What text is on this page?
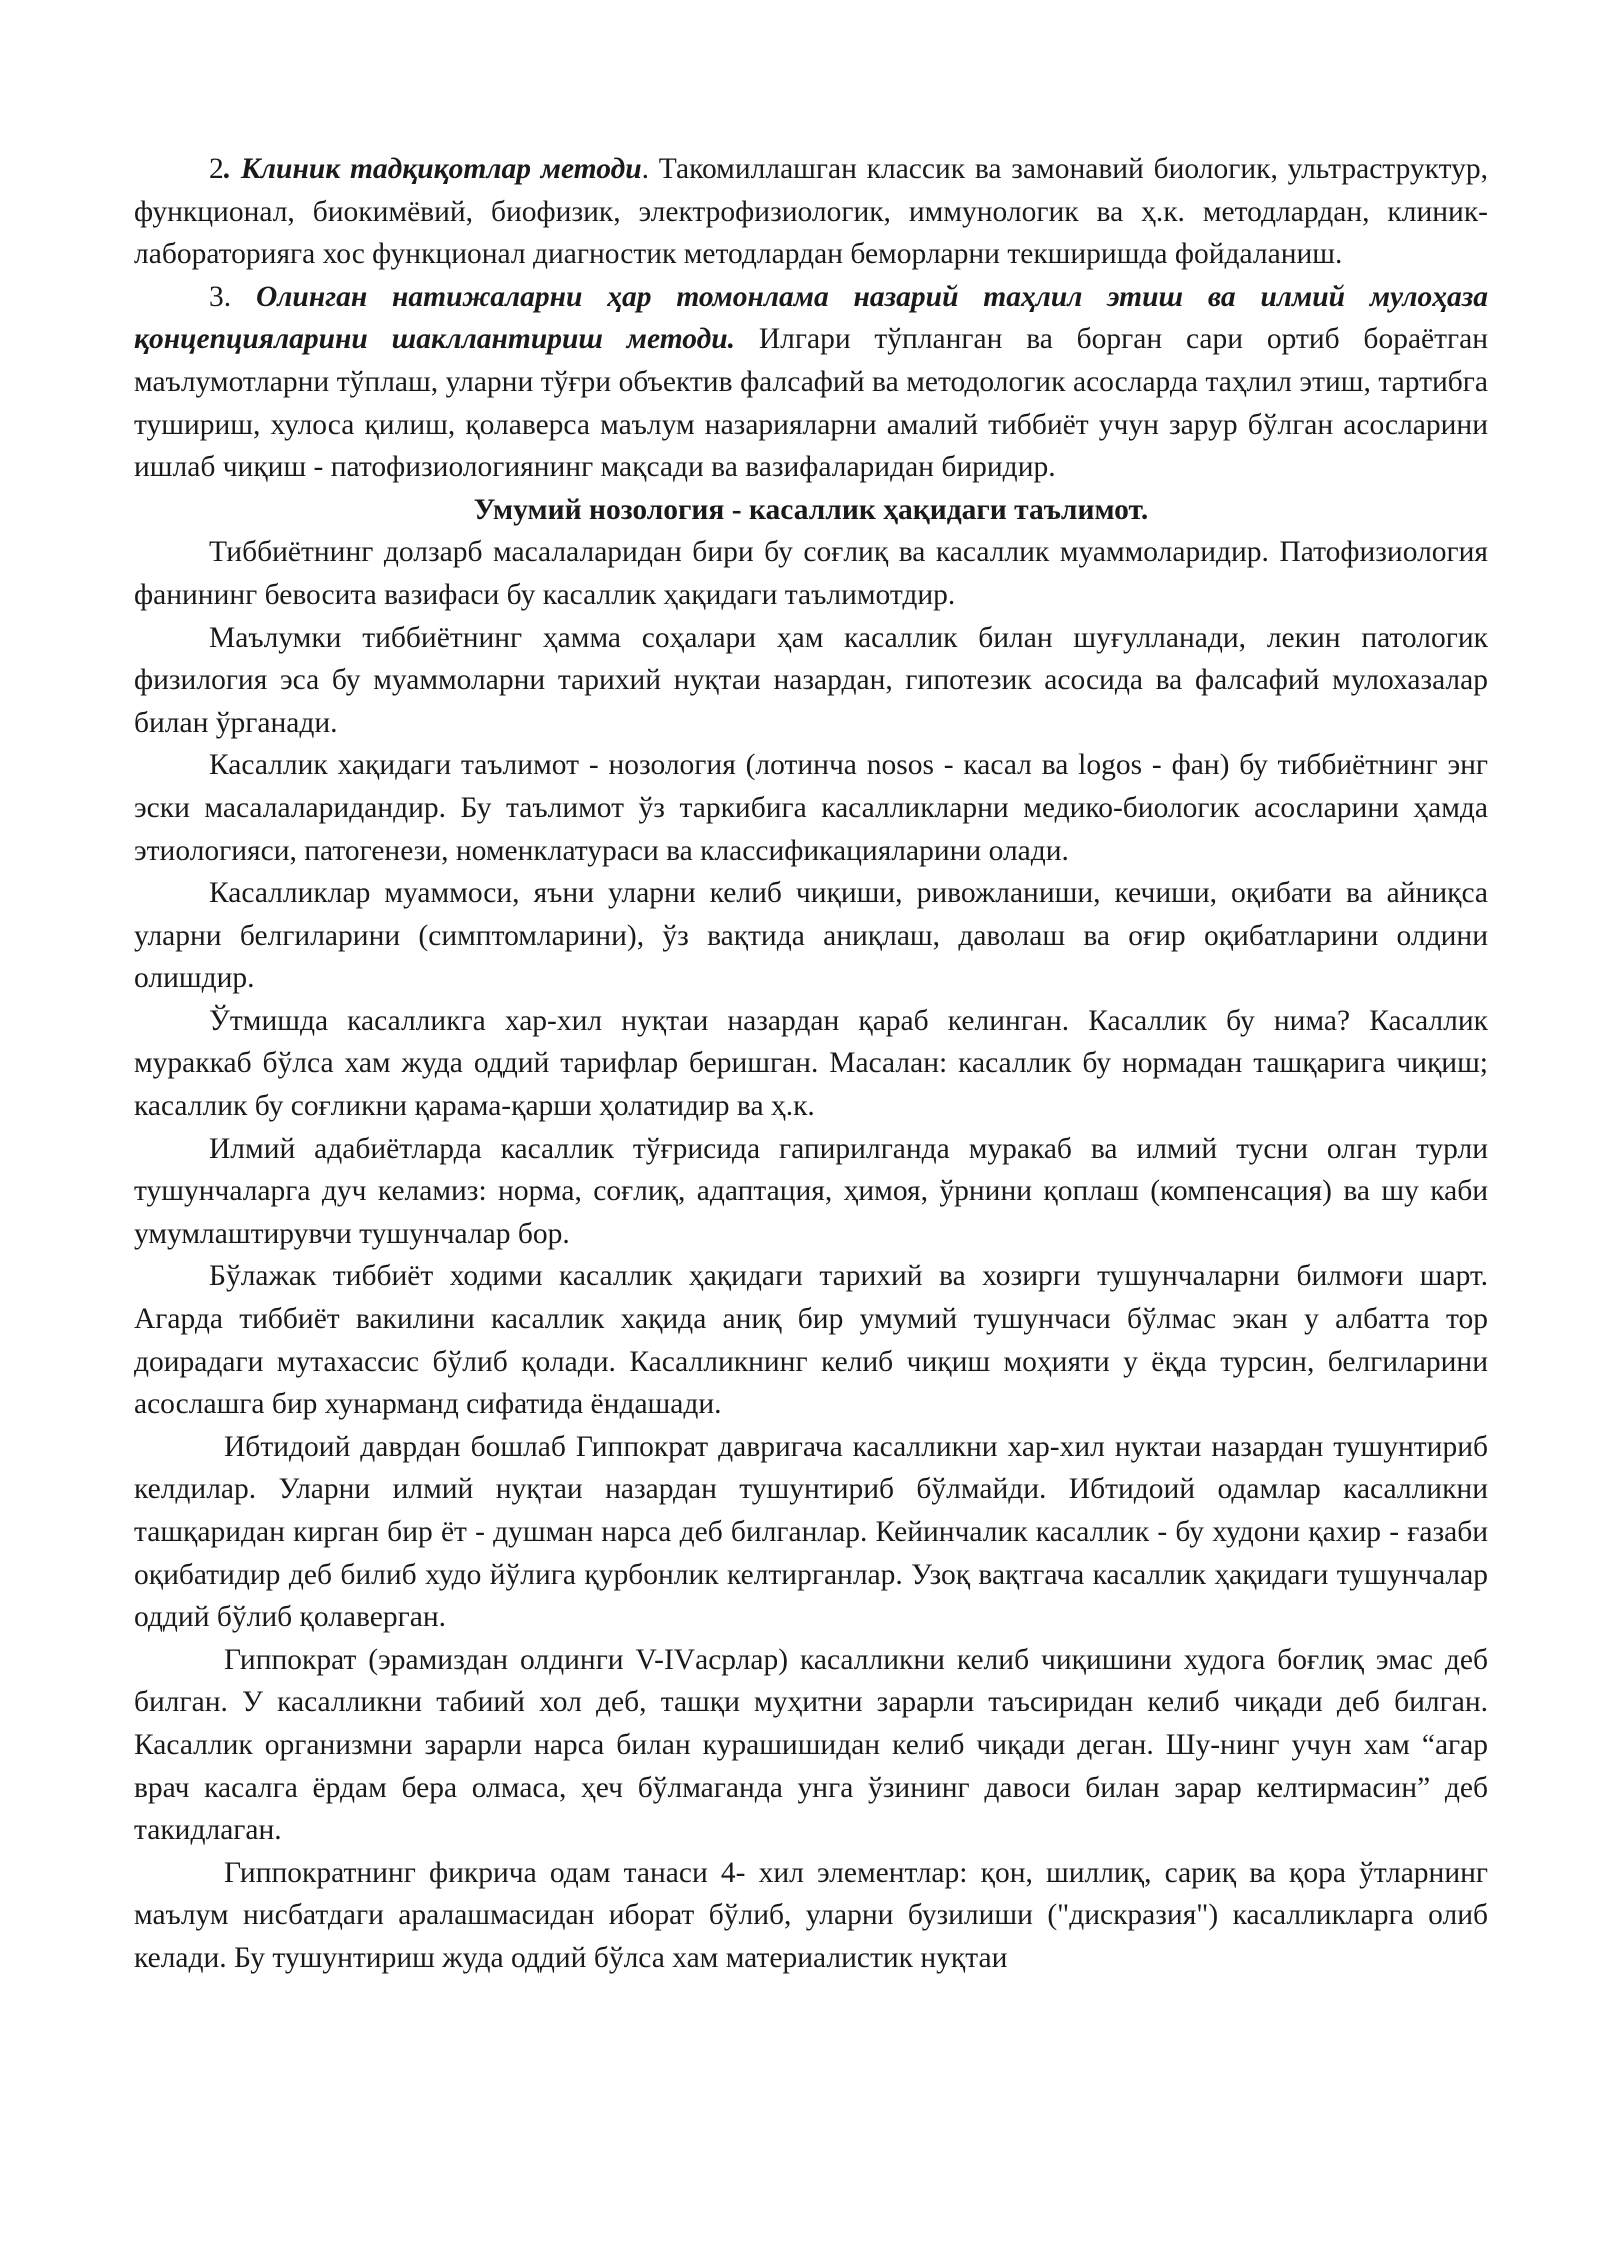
2. Клиник тадқиқотлар методи. Такомиллашган классик ва замонавий биологик, ультраструктур, функционал, биокимёвий, биофизик, электрофизиологик, иммунологик ва ҳ.к. методлардан, клиник-лабораторияга хос функционал диагностик методлардан беморларни текширишда фойдаланиш.

3. Олинган натижаларни ҳар томонлама назарий таҳлил этиш ва илмий мулоҳаза қонцепцияларини шакллантириш методи. Илгари тўпланган ва борган сари ортиб бораётган маълумотларни тўплаш, уларни тўғри объектив фалсафий ва методологик асосларда таҳлил этиш, тартибга тушириш, хулоса қилиш, қолаверса маълум назарияларни амалий тиббиёт учун зарур бўлган асосларини ишлаб чиқиш - патофизиологиянинг мақсади ва вазифаларидан биридир.

Умумий нозология - касаллик ҳақидаги таълимот.

Тиббиётнинг долзарб масалаларидан бири бу соғлиқ ва касаллик муаммоларидир. Патофизиология фанининг бевосита вазифаси бу касаллик ҳақидаги таълимотдир.

Маълумки тиббиётнинг ҳамма соҳалари ҳам касаллик билан шуғулланади, лекин патологик физилогия эса бу муаммоларни тарихий нуқтаи назардан, гипотезик асосида ва фалсафий мулохазалар билан ўрганади.

Касаллик хақидаги таълимот - нозология (лотинча nosos - касал ва logos - фан) бу тиббиётнинг энг эски масалаларидандир. Бу таълимот ўз таркибига касалликларни медико-биологик асосларини ҳамда этиологияси, патогенези, номенклатураси ва классификацияларини олади.

Касалликлар муаммоси, яъни уларни келиб чиқиши, ривожланиши, кечиши, оқибати ва айниқса уларни белгиларини (симптомларини), ўз вақтида аниқлаш, даволаш ва оғир оқибатларини олдини олишдир.

Ўтмишда касалликга хар-хил нуқтаи назардан қараб келинган. Касаллик бу нима? Касаллик мураккаб бўлса хам жуда оддий тарифлар беришган. Масалан: касаллик бу нормадан ташқарига чиқиш; касаллик бу соғликни қарама-қарши ҳолатидир ва ҳ.к.

Илмий адабиётларда касаллик тўғрисида гапирилганда муракаб ва илмий тусни олган турли тушунчаларга дуч келамиз: норма, соғлиқ, адаптация, ҳимоя, ўрнини қоплаш (компенсация) ва шу каби умумлаштирувчи тушунчалар бор.

Бўлажак тиббиёт ходими касаллик ҳақидаги тарихий ва хозирги тушунчаларни билмоғи шарт. Агарда тиббиёт вакилини касаллик хақида аниқ бир умумий тушунчаси бўлмас экан у албатта тор доирадаги мутахассис бўлиб қолади. Касалликнинг келиб чиқиш моҳияти у ёқда турсин, белгиларини асослашга бир хунарманд сифатида ёндашади.

Ибтидоий даврдан бошлаб Гиппократ давригача касалликни хар-хил нуктаи назардан тушунтириб келдилар. Уларни илмий нуқтаи назардан тушунтириб бўлмайди. Ибтидоий одамлар касалликни ташқаридан кирган бир ёт - душман нарса деб билганлар. Кейинчалик касаллик - бу худони қахир - ғазаби оқибатидир деб билиб худо йўлига қурбонлик келтирганлар. Узоқ вақтгача касаллик ҳақидаги тушунчалар оддий бўлиб қолаверган.

Гиппократ (эрамиздан олдинги V-IVасрлар) касалликни келиб чиқишини худога боғлиқ эмас деб билган. У касалликни табиий хол деб, ташқи муҳитни зарарли таъсиридан келиб чиқади деб билган. Касаллик организмни зарарли нарса билан курашишидан келиб чиқади деган. Шу-нинг учун хам “агар врач касалга ёрдам бера олмаса, ҳеч бўлмаганда унга ўзининг давоси билан зарар келтирмасин” деб такидлаган.

Гиппократнинг фикрича одам танаси 4- хил элементлар: қон, шиллиқ, сариқ ва қора ўтларнинг маълум нисбатдаги аралашмасидан иборат бўлиб, уларни бузилиши ("дискразия") касалликларга олиб келади. Бу тушунтириш жуда оддий бўлса хам материалистик нуқтаи
